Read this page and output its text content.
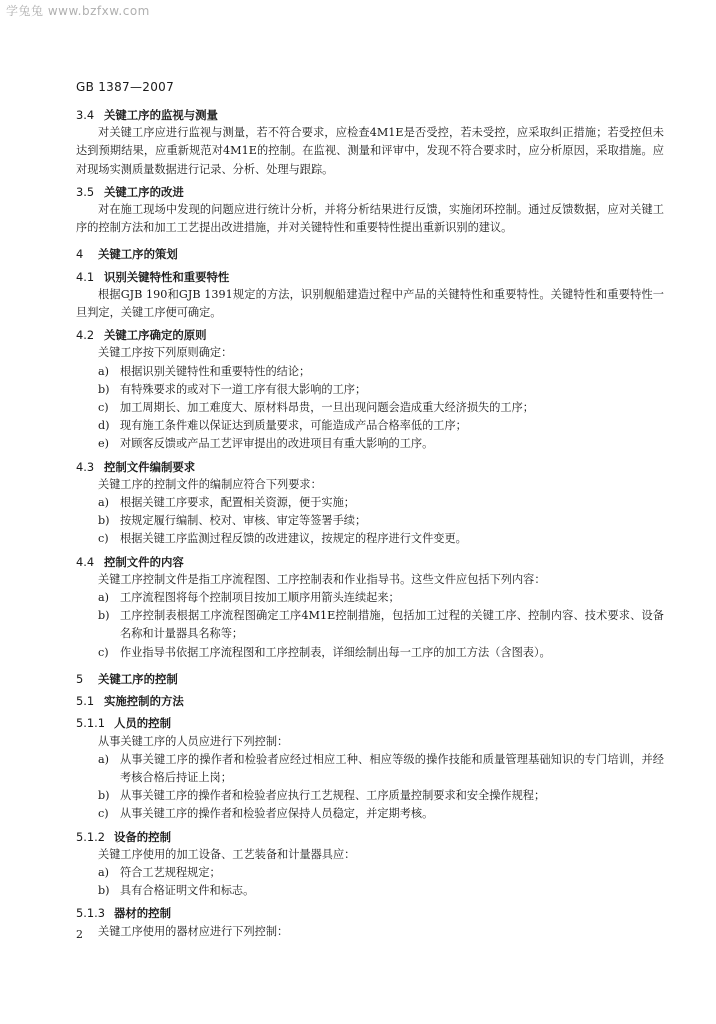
学兔兔 www.bzfxw.com
GB 1387—2007
3.4 关键工序的监视与测量
对关键工序应进行监视与测量，若不符合要求，应检查4M1E是否受控，若未受控，应采取纠正措施；若受控但未达到预期结果，应重新规范对4M1E的控制。在监视、测量和评审中，发现不符合要求时，应分析原因，采取措施。应对现场实测质量数据进行记录、分析、处理与跟踪。
3.5 关键工序的改进
对在施工现场中发现的问题应进行统计分析，并将分析结果进行反馈，实施闭环控制。通过反馈数据，应对关键工序的控制方法和加工工艺提出改进措施，并对关键特性和重要特性提出重新识别的建议。
4 关键工序的策划
4.1 识别关键特性和重要特性
根据GJB 190和GJB 1391规定的方法，识别舰船建造过程中产品的关键特性和重要特性。关键特性和重要特性一旦判定，关键工序便可确定。
4.2 关键工序确定的原则
关键工序按下列原则确定：
a) 根据识别关键特性和重要特性的结论；
b) 有特殊要求的或对下一道工序有很大影响的工序；
c) 加工周期长、加工难度大、原材料昂贵，一旦出现问题会造成重大经济损失的工序；
d) 现有施工条件难以保证达到质量要求，可能造成产品合格率低的工序；
e) 对顾客反馈或产品工艺评审提出的改进项目有重大影响的工序。
4.3 控制文件编制要求
关键工序的控制文件的编制应符合下列要求：
a) 根据关键工序要求，配置相关资源，便于实施；
b) 按规定履行编制、校对、审核、审定等签署手续；
c) 根据关键工序监测过程反馈的改进建议，按规定的程序进行文件变更。
4.4 控制文件的内容
关键工序控制文件是指工序流程图、工序控制表和作业指导书。这些文件应包括下列内容：
a) 工序流程图将每个控制项目按加工顺序用箭头连续起来；
b) 工序控制表根据工序流程图确定工序4M1E控制措施，包括加工过程的关键工序、控制内容、技术要求、设备名称和计量器具名称等；
c) 作业指导书依据工序流程图和工序控制表，详细绘制出每一工序的加工方法（含图表）。
5 关键工序的控制
5.1 实施控制的方法
5.1.1 人员的控制
从事关键工序的人员应进行下列控制：
a) 从事关键工序的操作者和检验者应经过相应工种、相应等级的操作技能和质量管理基础知识的专门培训，并经考核合格后持证上岗；
b) 从事关键工序的操作者和检验者应执行工艺规程、工序质量控制要求和安全操作规程；
c) 从事关键工序的操作者和检验者应保持人员稳定，并定期考核。
5.1.2 设备的控制
关键工序使用的加工设备、工艺装备和计量器具应：
a) 符合工艺规程规定；
b) 具有合格证明文件和标志。
5.1.3 器材的控制
关键工序使用的器材应进行下列控制：
2
